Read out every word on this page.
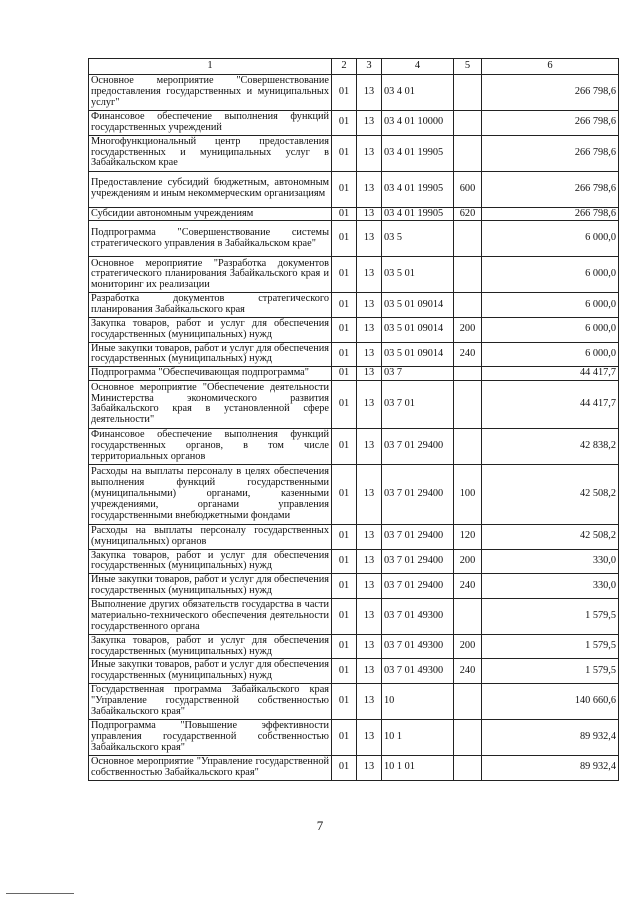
1	2	3	4	5	6
Основное мероприятие "Совершенствование предоставления государственных и муниципальных услуг"	01	13	03 4 01		266 798,6
Финансовое обеспечение выполнения функций государственных учреждений	01	13	03 4 01 10000		266 798,6
Многофункциональный центр предоставления государственных и муниципальных услуг в Забайкальском крае	01	13	03 4 01 19905		266 798,6
Предоставление субсидий бюджетным, автономным учреждениям и иным некоммерческим организациям	01	13	03 4 01 19905	600	266 798,6
Субсидии автономным учреждениям	01	13	03 4 01 19905	620	266 798,6
Подпрограмма "Совершенствование системы стратегического управления в Забайкальском крае"	01	13	03 5		6 000,0
Основное мероприятие "Разработка документов стратегического планирования Забайкальского края и мониторинг их реализации	01	13	03 5 01		6 000,0
Разработка документов стратегического планирования Забайкальского края	01	13	03 5 01 09014		6 000,0
Закупка товаров, работ и услуг для обеспечения государственных (муниципальных) нужд	01	13	03 5 01 09014	200	6 000,0
Иные закупки товаров, работ и услуг для обеспечения государственных (муниципальных) нужд	01	13	03 5 01 09014	240	6 000,0
Подпрограмма "Обеспечивающая подпрограмма"	01	13	03 7		44 417,7
Основное мероприятие "Обеспечение деятельности Министерства экономического развития Забайкальского края в установленной сфере деятельности"	01	13	03 7 01		44 417,7
Финансовое обеспечение выполнения функций государственных органов, в том числе территориальных органов	01	13	03 7 01 29400		42 838,2
Расходы на выплаты персоналу в целях обеспечения выполнения функций государственными (муниципальными) органами, казенными учреждениями, органами управления государственными внебюджетными фондами	01	13	03 7 01 29400	100	42 508,2
Расходы на выплаты персоналу государственных (муниципальных) органов	01	13	03 7 01 29400	120	42 508,2
Закупка товаров, работ и услуг для обеспечения государственных (муниципальных) нужд	01	13	03 7 01 29400	200	330,0
Иные закупки товаров, работ и услуг для обеспечения государственных (муниципальных) нужд	01	13	03 7 01 29400	240	330,0
Выполнение других обязательств государства в части материально-технического обеспечения деятельности государственного органа	01	13	03 7 01 49300		1 579,5
Закупка товаров, работ и услуг для обеспечения государственных (муниципальных) нужд	01	13	03 7 01 49300	200	1 579,5
Иные закупки товаров, работ и услуг для обеспечения государственных (муниципальных) нужд	01	13	03 7 01 49300	240	1 579,5
Государственная программа Забайкальского края "Управление государственной собственностью Забайкальского края"	01	13	10		140 660,6
Подпрограмма "Повышение эффективности управления государственной собственностью Забайкальского края"	01	13	10 1		89 932,4
Основное мероприятие "Управление государственной собственностью Забайкальского края"	01	13	10 1 01		89 932,4
7
